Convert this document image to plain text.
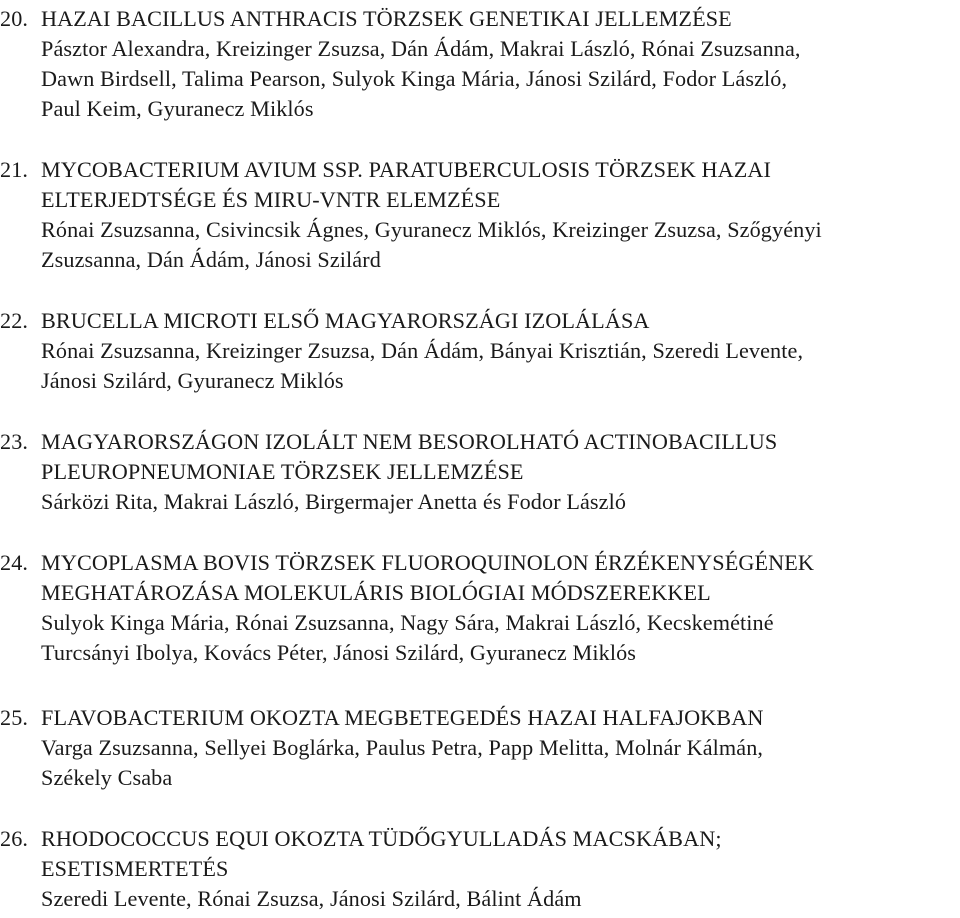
20. HAZAI BACILLUS ANTHRACIS TÖRZSEK GENETIKAI JELLEMZÉSE
Pásztor Alexandra, Kreizinger Zsuzsa, Dán Ádám, Makrai László, Rónai Zsuzsanna,
Dawn Birdsell, Talima Pearson, Sulyok Kinga Mária, Jánosi Szilárd, Fodor László,
Paul Keim, Gyuranecz Miklós
21. MYCOBACTERIUM AVIUM SSP. PARATUBERCULOSIS TÖRZSEK HAZAI
ELTERJEDTSÉGE ÉS MIRU-VNTR ELEMZÉSE
Rónai Zsuzsanna, Csivincsik Ágnes, Gyuranecz Miklós, Kreizinger Zsuzsa, Szőgyényi
Zsuzsanna, Dán Ádám, Jánosi Szilárd
22. BRUCELLA MICROTI ELSŐ MAGYARORSZÁGI IZOLÁLÁSA
Rónai Zsuzsanna, Kreizinger Zsuzsa, Dán Ádám, Bányai Krisztián, Szeredi Levente,
Jánosi Szilárd, Gyuranecz Miklós
23. MAGYARORSZÁGON IZOLÁLT NEM BESOROLHATÓ ACTINOBACILLUS
PLEUROPNEUMONIAE TÖRZSEK JELLEMZÉSE
Sárközi Rita, Makrai László, Birgermajer Anetta és Fodor László
24. MYCOPLASMA BOVIS TÖRZSEK FLUOROQUINOLON ÉRZÉKENYSÉGÉNEK
MEGHATÁROZÁSA MOLEKULÁRIS BIOLÓGIAI MÓDSZEREKKEL
Sulyok Kinga Mária, Rónai Zsuzsanna, Nagy Sára, Makrai László, Kecskemétiné
Turcsányi Ibolya, Kovács Péter, Jánosi Szilárd, Gyuranecz Miklós
25. FLAVOBACTERIUM OKOZTA MEGBETEGEDÉS HAZAI HALFAJOKBAN
Varga Zsuzsanna, Sellyei Boglárka, Paulus Petra, Papp Melitta, Molnár Kálmán,
Székely Csaba
26. RHODOCOCCUS EQUI OKOZTA TÜDŐGYULLADÁS MACSKÁBAN;
ESETISMERTETÉS
Szeredi Levente, Rónai Zsuzsa, Jánosi Szilárd, Bálint Ádám
